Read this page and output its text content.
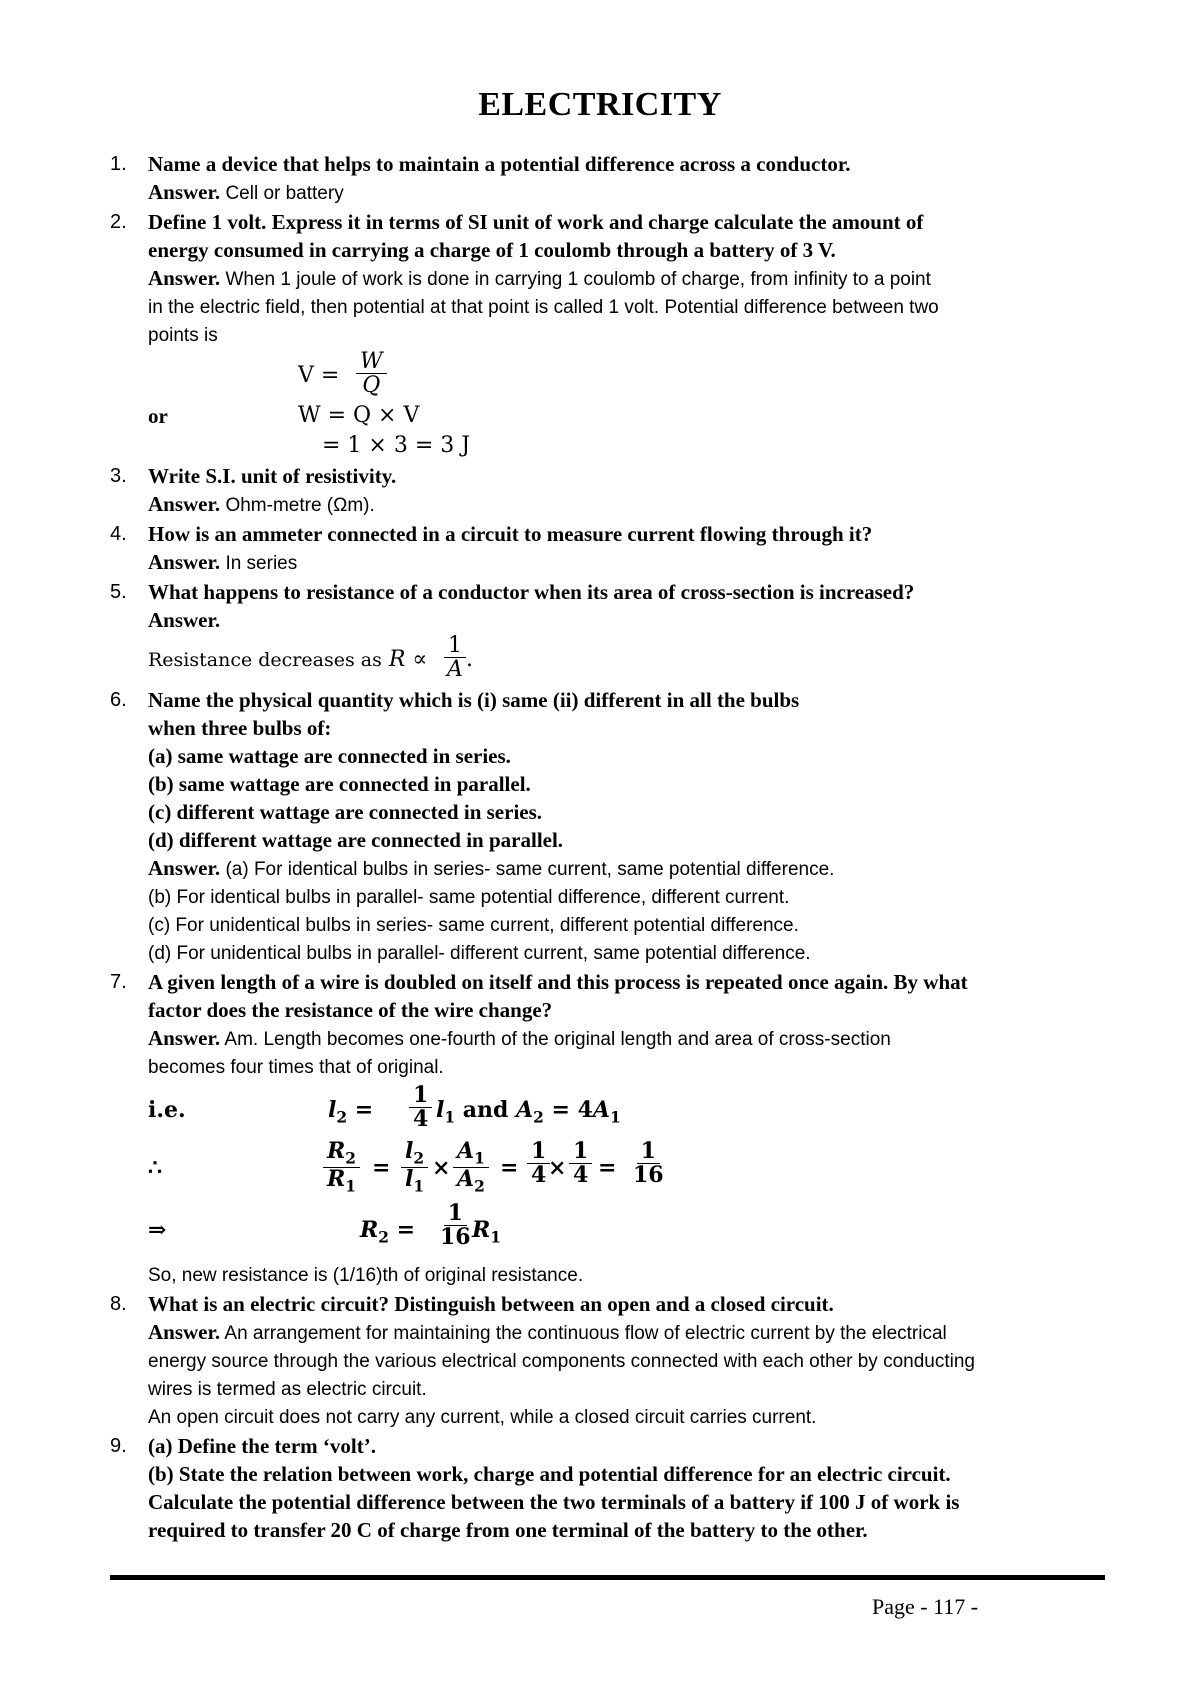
ELECTRICITY
1. Name a device that helps to maintain a potential difference across a conductor.
Answer. Cell or battery
2. Define 1 volt. Express it in terms of SI unit of work and charge calculate the amount of
energy consumed in carrying a charge of 1 coulomb through a battery of 3 V.
Answer. When 1 joule of work is done in carrying 1 coulomb of charge, from infinity to a point
in the electric field, then potential at that point is called 1 volt. Potential difference between two
points is
$V = \frac{W}{Q}$
or	W = Q × V
= 1 × 3 = 3 J
3. Write S.I. unit of resistivity.
Answer. Ohm-metre (Ωm).
4. How is an ammeter connected in a circuit to measure current flowing through it?
Answer. In series
5. What happens to resistance of a conductor when its area of cross-section is increased?
Answer.
Resistance decreases as $R \propto \frac{1}{A}$ .
6. Name the physical quantity which is (i) same (ii) different in all the bulbs
when three bulbs of:
(a) same wattage are connected in series.
(b) same wattage are connected in parallel.
(c) different wattage are connected in series.
(d) different wattage are connected in parallel.
Answer. (a) For identical bulbs in series- same current, same potential difference.
(b) For identical bulbs in parallel- same potential difference, different current.
(c) For unidentical bulbs in series- same current, different potential difference.
(d) For unidentical bulbs in parallel- different current, same potential difference.
7. A given length of a wire is doubled on itself and this process is repeated once again. By what
factor does the resistance of the wire change?
Answer. Am. Length becomes one-fourth of the original length and area of cross-section
becomes four times that of original.
i.e.	$l_2 = \frac{1}{4} l_1$ and $A_2 = 4A_1$
∴	$\frac{R_2}{R_1} = \frac{l_2}{l_1} \times \frac{A_1}{A_2} = \frac{1}{4}$
× $\frac{1}{4} = \frac{1}{16}$
⇒	$R_2 = \frac{1}{16}$
$R_1$
So, new resistance is (1/16)th of original resistance.
8. What is an electric circuit? Distinguish between an open and a closed circuit.
Answer. An arrangement for maintaining the continuous flow of electric current by the electrical
energy source through the various electrical components connected with each other by conducting
wires is termed as electric circuit.
An open circuit does not carry any current, while a closed circuit carries current.
9. (a) Define the term ‘volt’.
(b) State the relation between work, charge and potential difference for an electric circuit.
Calculate the potential difference between the two terminals of a battery if 100 J of work is
required to transfer 20 C of charge from one terminal of the battery to the other.
Page - 117 -
